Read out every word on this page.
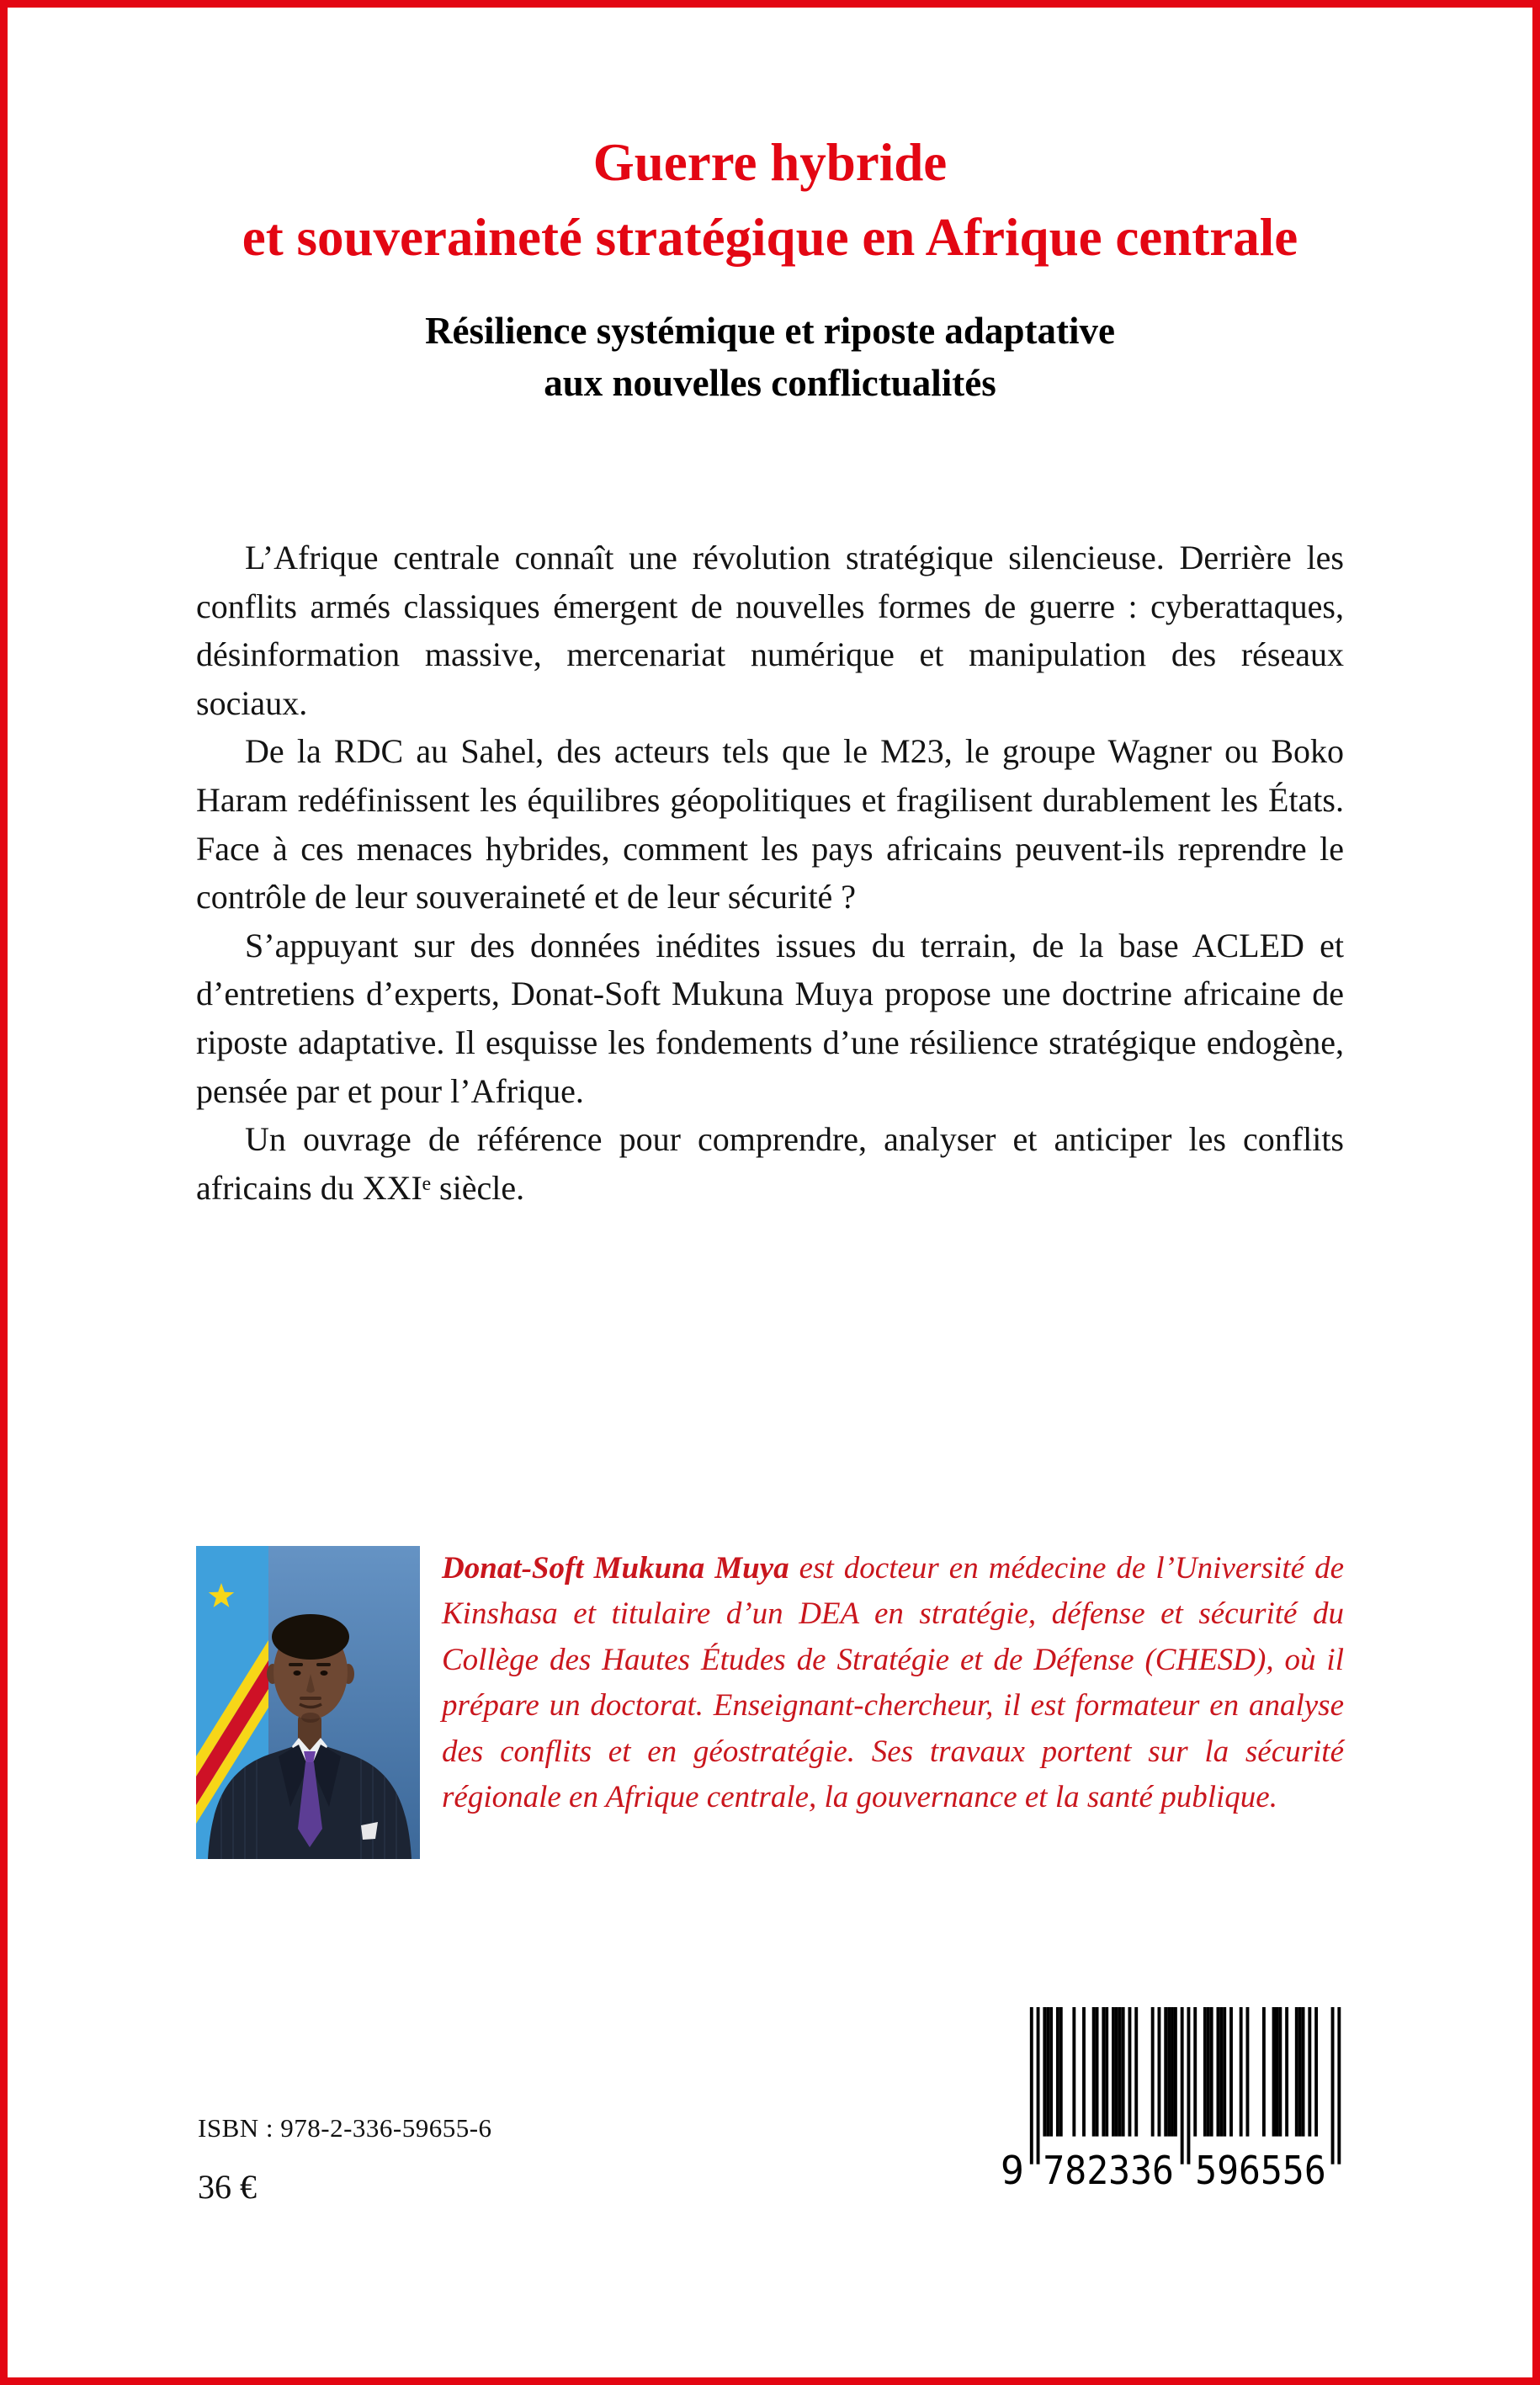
Guerre hybride
et souveraineté stratégique en Afrique centrale
Résilience systémique et riposte adaptative
aux nouvelles conflictualités

L’Afrique centrale connaît une révolution stratégique silencieuse. Derrière les conflits armés classiques émergent de nouvelles formes de guerre : cyberattaques, désinformation massive, mercenariat numérique et manipulation des réseaux sociaux.

De la RDC au Sahel, des acteurs tels que le M23, le groupe Wagner ou Boko Haram redéfinissent les équilibres géopolitiques et fragilisent durablement les États. Face à ces menaces hybrides, comment les pays africains peuvent-ils reprendre le contrôle de leur souveraineté et de leur sécurité ?

S’appuyant sur des données inédites issues du terrain, de la base ACLED et d’entretiens d’experts, Donat-Soft Mukuna Muya propose une doctrine africaine de riposte adaptative. Il esquisse les fondements d’une résilience stratégique endogène, pensée par et pour l’Afrique.

Un ouvrage de référence pour comprendre, analyser et anticiper les conflits africains du XXIᵉ siècle.

Donat-Soft Mukuna Muya est docteur en médecine de l’Université de Kinshasa et titulaire d’un DEA en stratégie, défense et sécurité du Collège des Hautes Études de Stratégie et de Défense (CHESD), où il prépare un doctorat. Enseignant-chercheur, il est formateur en analyse des conflits et en géostratégie. Ses travaux portent sur la sécurité régionale en Afrique centrale, la gouvernance et la santé publique.

ISBN : 978-2-336-59655-6
36 €	9 782336 596556
